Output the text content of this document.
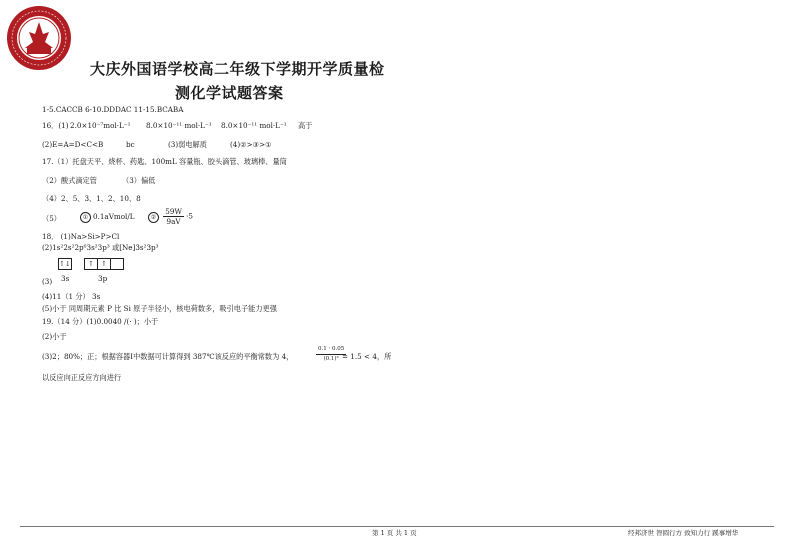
大庆外国语学校高二年级下学期开学质量检
测化学试题答案
1-5.CACCB 6-10.DDDAC 11-15.BCABA
16．(1) 2.0×10⁻⁷mol·L⁻¹ 8.0×10⁻¹¹ mol·L⁻¹ 8.0×10⁻¹¹ mol·L⁻¹ 高于
(2)E=A=D<C<B	bc	(3)弱电解质	(4)②>③>①
17.（1）托盘天平、烧杯、药匙、100mL 容量瓶、胶头滴管、玻璃棒、量筒
（2）酸式滴定管	（3）偏低
（4）2、5、3、1、2、10、8
（5）	① 0.1aVmol/L	② $\frac{59W}{9aV} \cdot 5$
18． (1)Na>Si>P>Cl
(2)1s²2s²2p⁶3s²3p³ 或[Ne]3s²3p³
(3)
↑↓	↑	↑
3s	3p
(4)11（1 分） 3s
(5)小于 同周期元素 P 比 Si 原子半径小，核电荷数多，吸引电子能力更强
19.（14 分）(1)0.0040 /(· )；小于
(2)小于
(3)2；80%；正；根据容器Ⅰ中数据可计算得到 387℃该反应的平衡常数为 4，	$\frac{0.1 \cdot 0.05}{\text{(0.1)²}}$
= 1.5 < 4，所
以反应向正反应方向进行
第 1 页 共 1 页	经邦济世 智圆行方 致知力行 蹊事增华
